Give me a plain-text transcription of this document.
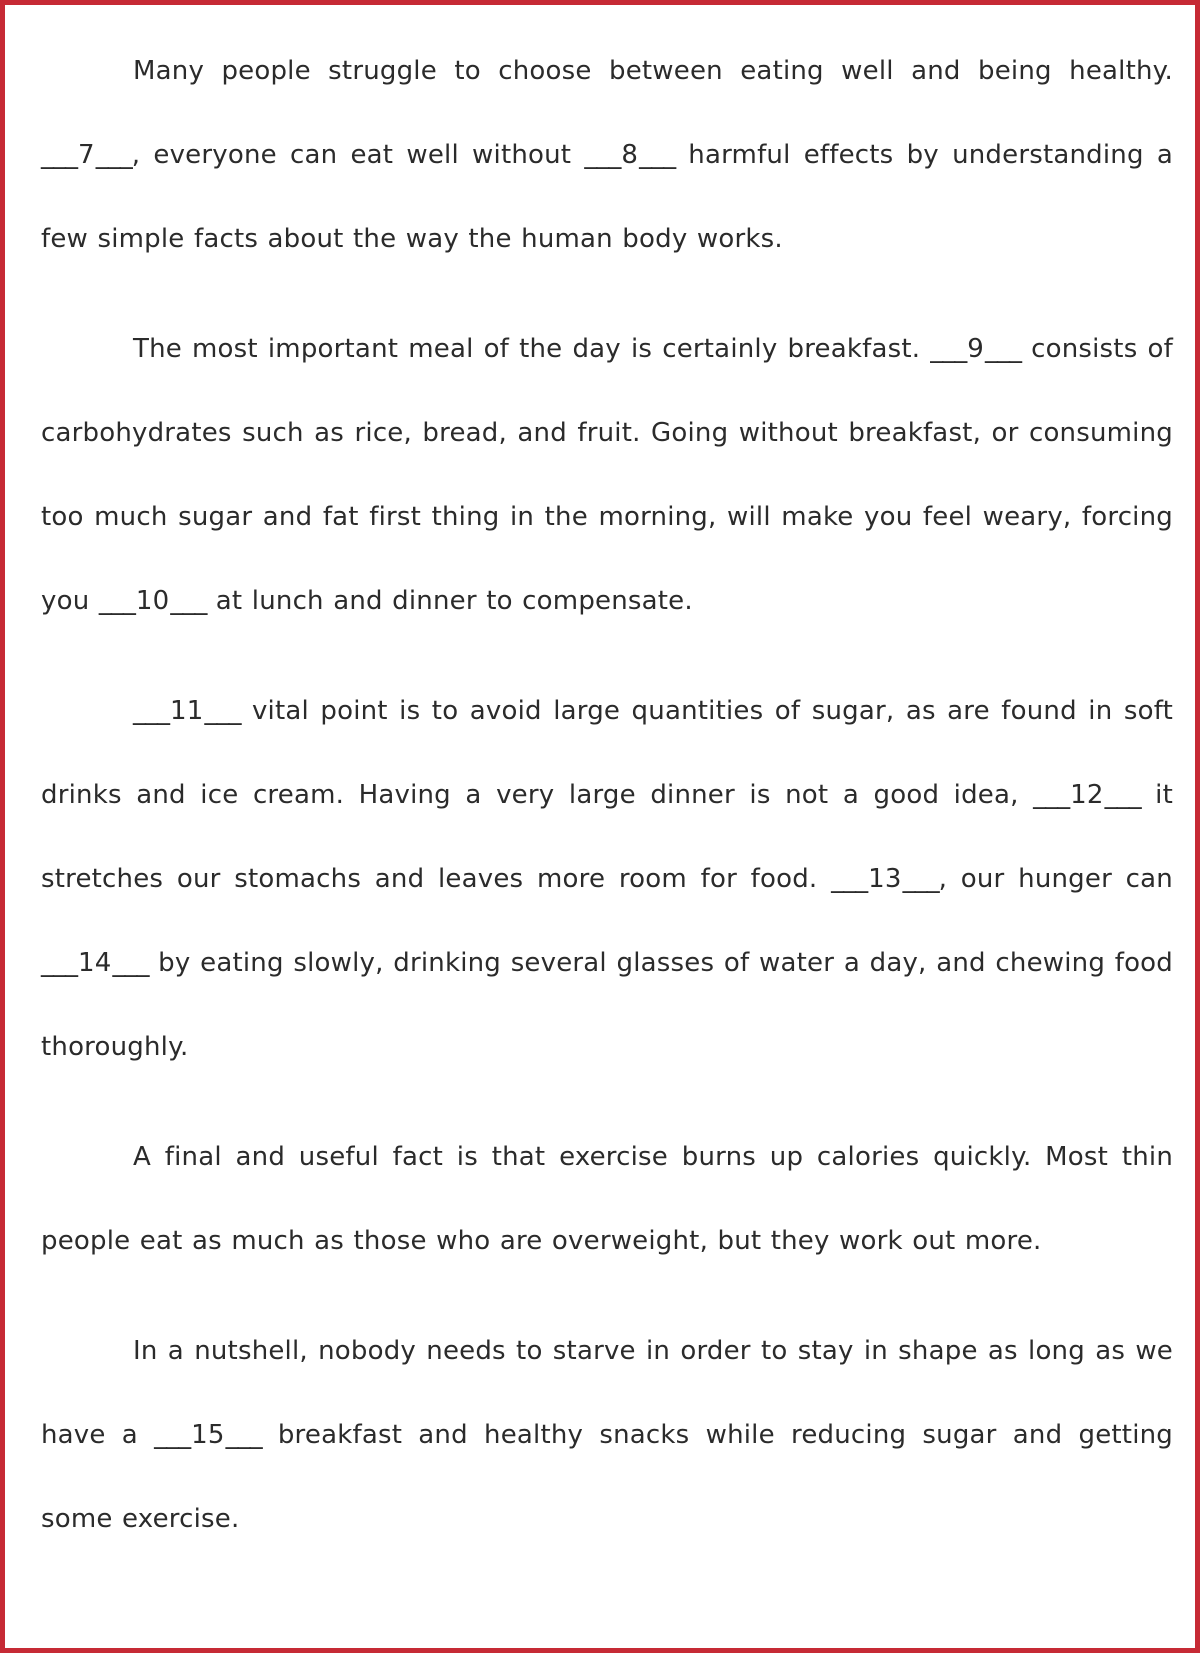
Many people struggle to choose between eating well and being healthy. ___7___, everyone can eat well without ___8___ harmful effects by understanding a few simple facts about the way the human body works.

The most important meal of the day is certainly breakfast. ___9___ consists of carbohydrates such as rice, bread, and fruit. Going without breakfast, or consuming too much sugar and fat first thing in the morning, will make you feel weary, forcing you ___10___ at lunch and dinner to compensate.

___11___ vital point is to avoid large quantities of sugar, as are found in soft drinks and ice cream. Having a very large dinner is not a good idea, ___12___ it stretches our stomachs and leaves more room for food. ___13___, our hunger can ___14___ by eating slowly, drinking several glasses of water a day, and chewing food thoroughly.

A final and useful fact is that exercise burns up calories quickly. Most thin people eat as much as those who are overweight, but they work out more.

In a nutshell, nobody needs to starve in order to stay in shape as long as we have a ___15___ breakfast and healthy snacks while reducing sugar and getting some exercise.
